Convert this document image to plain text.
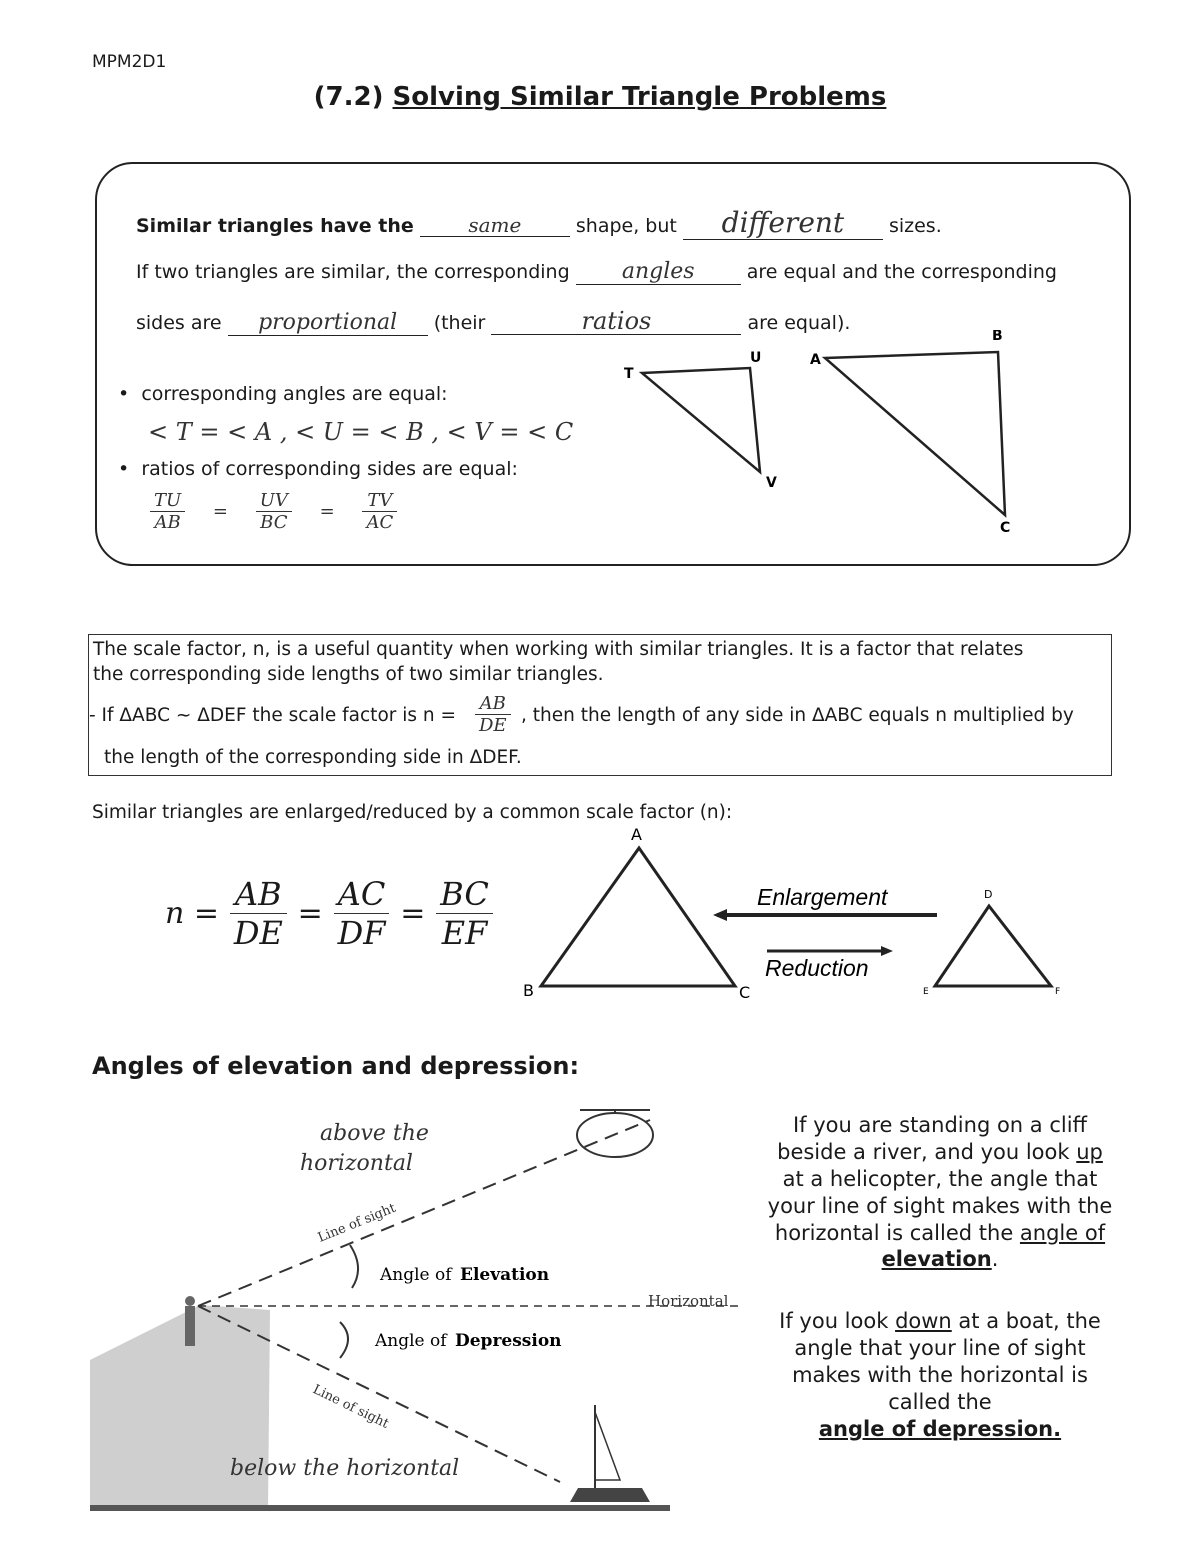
MPM2D1
(7.2) Solving Similar Triangle Problems
Similar triangles have the	same	shape, but different sizes.
If two triangles are similar, the corresponding angles	are equal and the corresponding
sides are proportional (their	ratios	are equal).
• corresponding angles are equal:
< T = < A , < U = < B , < V = < C
• ratios of corresponding sides are equal:
$\frac{TU}{AB} = \frac{UV}{BC} = \frac{TV}{AC}$
T
U
V
A
B
C

The scale factor, n, is a useful quantity when working with similar triangles. It is a factor that relates

the corresponding side lengths of two similar triangles.

- If ΔABC ~ ΔDEF the scale factor is $n = \frac{AB}{DE}$ , then the length of any side in ΔABC equals n multiplied by

the length of the corresponding side in ΔDEF.

Similar triangles are enlarged/reduced by a common scale factor (n):
$n = \frac{AB}{DE} = \frac{AC}{DF} = \frac{BC}{EF}$
A
B	C
D
E	F
Enlargement
Reduction
Angles of elevation and depression:
above the
horizontal
Line of sight
Angle of Elevation
Horizontal
Angle of Depression
Line of sight
below the horizontal
If you are standing on a cliff
beside a river, and you look up
at a helicopter, the angle that
your line of sight makes with the
horizontal is called the angle of
elevation.
If you look down at a boat, the
angle that your line of sight
makes with the horizontal is
called the
angle of depression.
